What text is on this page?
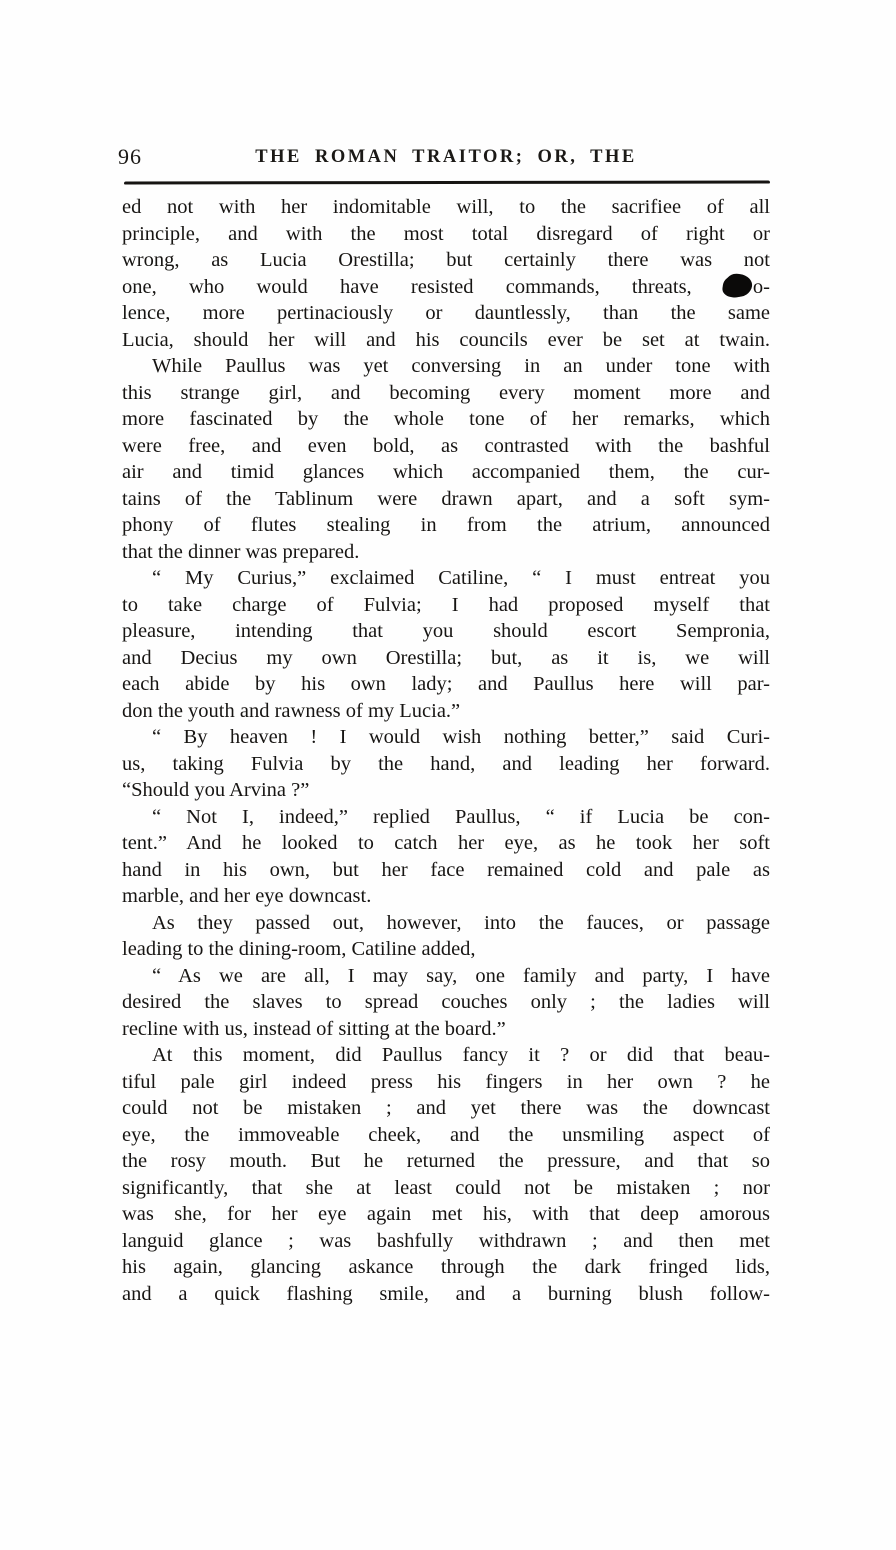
96	THE ROMAN TRAITOR; OR, THE
ed not with her indomitable will, to the sacrifiee of all
principle, and with the most total disregard of right or
wrong, as Lucia Orestilla; but certainly there was not
one, who would have resisted commands, threats, o-
lence, more pertinaciously or dauntlessly, than the same
Lucia, should her will and his councils ever be set at twain.
While Paullus was yet conversing in an under tone with
this strange girl, and becoming every moment more and
more fascinated by the whole tone of her remarks, which
were free, and even bold, as contrasted with the bashful
air and timid glances which accompanied them, the cur-
tains of the Tablinum were drawn apart, and a soft sym-
phony of flutes stealing in from the atrium, announced
that the dinner was prepared.
“ My Curius,” exclaimed Catiline, “ I must entreat you
to take charge of Fulvia; I had proposed myself that
pleasure, intending that you should escort Sempronia,
and Decius my own Orestilla; but, as it is, we will
each abide by his own lady; and Paullus here will par-
don the youth and rawness of my Lucia.”
“ By heaven ! I would wish nothing better,” said Curi-
us, taking Fulvia by the hand, and leading her forward.
“Should you Arvina ?”
“ Not I, indeed,” replied Paullus, “ if Lucia be con-
tent.” And he looked to catch her eye, as he took her soft
hand in his own, but her face remained cold and pale as
marble, and her eye downcast.
As they passed out, however, into the fauces, or passage
leading to the dining-room, Catiline added,
“ As we are all, I may say, one family and party, I have
desired the slaves to spread couches only ; the ladies will
recline with us, instead of sitting at the board.”
At this moment, did Paullus fancy it ? or did that beau-
tiful pale girl indeed press his fingers in her own ? he
could not be mistaken ; and yet there was the downcast
eye, the immoveable cheek, and the unsmiling aspect of
the rosy mouth. But he returned the pressure, and that so
significantly, that she at least could not be mistaken ; nor
was she, for her eye again met his, with that deep amorous
languid glance ; was bashfully withdrawn ; and then met
his again, glancing askance through the dark fringed lids,
and a quick flashing smile, and a burning blush follow-
